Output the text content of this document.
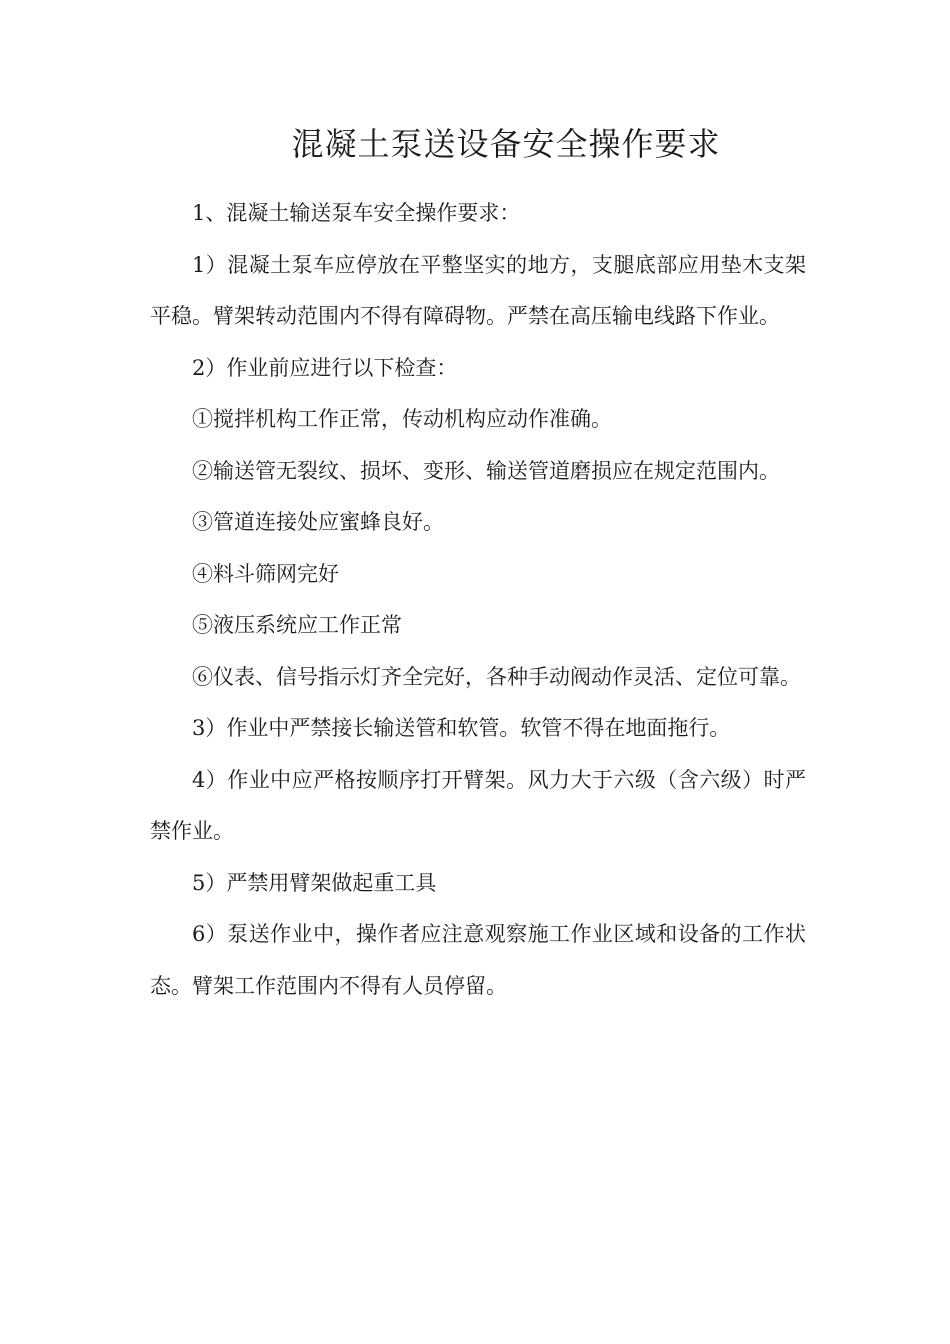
混凝土泵送设备安全操作要求

1、混凝土输送泵车安全操作要求：

1）混凝土泵车应停放在平整坚实的地方，支腿底部应用垫木支架平稳。臂架转动范围内不得有障碍物。严禁在高压输电线路下作业。

2）作业前应进行以下检查：

①搅拌机构工作正常，传动机构应动作准确。

②输送管无裂纹、损坏、变形、输送管道磨损应在规定范围内。

③管道连接处应蜜蜂良好。

④料斗筛网完好

⑤液压系统应工作正常

⑥仪表、信号指示灯齐全完好，各种手动阀动作灵活、定位可靠。

3）作业中严禁接长输送管和软管。软管不得在地面拖行。

4）作业中应严格按顺序打开臂架。风力大于六级（含六级）时严禁作业。

5）严禁用臂架做起重工具

6）泵送作业中，操作者应注意观察施工作业区域和设备的工作状态。臂架工作范围内不得有人员停留。
